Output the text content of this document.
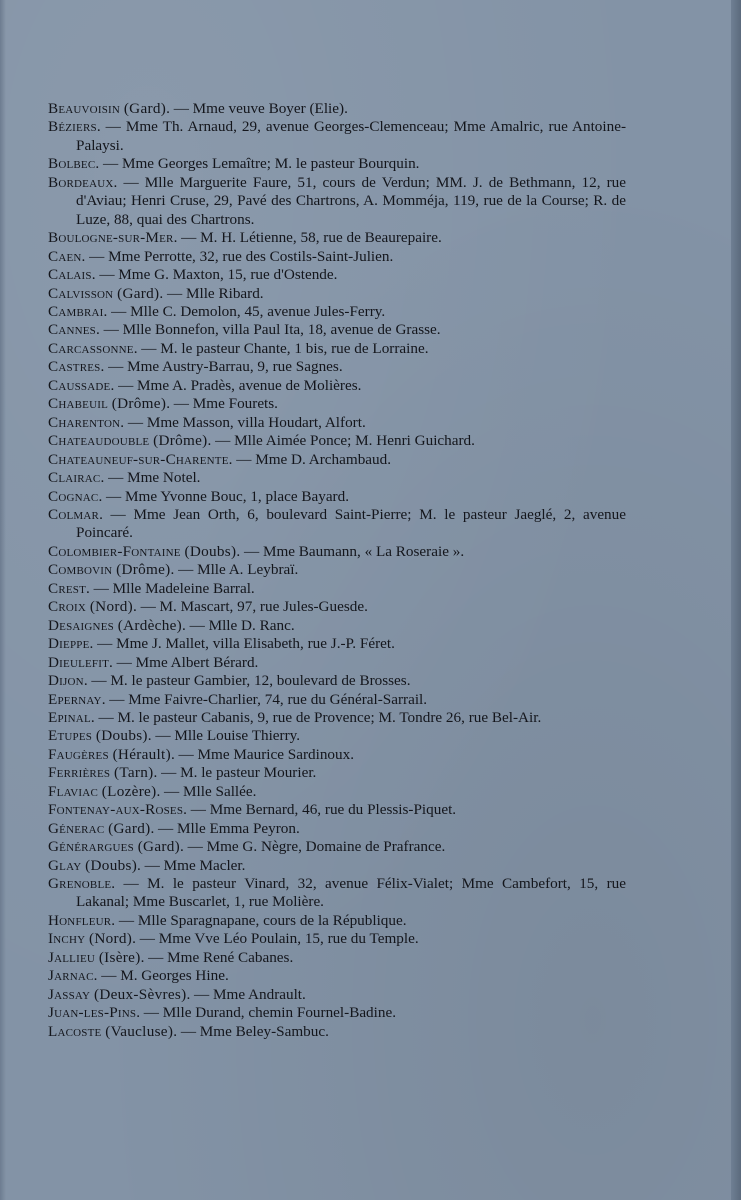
Beauvoisin (Gard). — Mme veuve Boyer (Elie).
Béziers. — Mme Th. Arnaud, 29, avenue Georges-Clemenceau; Mme Amalric, rue Antoine-Palaysi.
Bolbec. — Mme Georges Lemaître; M. le pasteur Bourquin.
Bordeaux. — Mlle Marguerite Faure, 51, cours de Verdun; MM. J. de Bethmann, 12, rue d'Aviau; Henri Cruse, 29, Pavé des Chartrons, A. Momméja, 119, rue de la Course; R. de Luze, 88, quai des Chartrons.
Boulogne-sur-Mer. — M. H. Létienne, 58, rue de Beaurepaire.
Caen. — Mme Perrotte, 32, rue des Costils-Saint-Julien.
Calais. — Mme G. Maxton, 15, rue d'Ostende.
Calvisson (Gard). — Mlle Ribard.
Cambrai. — Mlle C. Demolon, 45, avenue Jules-Ferry.
Cannes. — Mlle Bonnefon, villa Paul Ita, 18, avenue de Grasse.
Carcassonne. — M. le pasteur Chante, 1 bis, rue de Lorraine.
Castres. — Mme Austry-Barrau, 9, rue Sagnes.
Caussade. — Mme A. Pradès, avenue de Molières.
Chabeuil (Drôme). — Mme Fourets.
Charenton. — Mme Masson, villa Houdart, Alfort.
Chateaudouble (Drôme). — Mlle Aimée Ponce; M. Henri Guichard.
Chateauneuf-sur-Charente. — Mme D. Archambaud.
Clairac. — Mme Notel.
Cognac. — Mme Yvonne Bouc, 1, place Bayard.
Colmar. — Mme Jean Orth, 6, boulevard Saint-Pierre; M. le pasteur Jaeglé, 2, avenue Poincaré.
Colombier-Fontaine (Doubs). — Mme Baumann, « La Roseraie ».
Combovin (Drôme). — Mlle A. Leybraï.
Crest. — Mlle Madeleine Barral.
Croix (Nord). — M. Mascart, 97, rue Jules-Guesde.
Desaignes (Ardèche). — Mlle D. Ranc.
Dieppe. — Mme J. Mallet, villa Elisabeth, rue J.-P. Féret.
Dieulefit. — Mme Albert Bérard.
Dijon. — M. le pasteur Gambier, 12, boulevard de Brosses.
Epernay. — Mme Faivre-Charlier, 74, rue du Général-Sarrail.
Epinal. — M. le pasteur Cabanis, 9, rue de Provence; M. Tondre 26, rue Bel-Air.
Etupes (Doubs). — Mlle Louise Thierry.
Faugères (Hérault). — Mme Maurice Sardinoux.
Ferrières (Tarn). — M. le pasteur Mourier.
Flaviac (Lozère). — Mlle Sallée.
Fontenay-aux-Roses. — Mme Bernard, 46, rue du Plessis-Piquet.
Génerac (Gard). — Mlle Emma Peyron.
Générargues (Gard). — Mme G. Nègre, Domaine de Prafrance.
Glay (Doubs). — Mme Macler.
Grenoble. — M. le pasteur Vinard, 32, avenue Félix-Vialet; Mme Cambefort, 15, rue Lakanal; Mme Buscarlet, 1, rue Molière.
Honfleur. — Mlle Sparagnapane, cours de la République.
Inchy (Nord). — Mme Vve Léo Poulain, 15, rue du Temple.
Jallieu (Isère). — Mme René Cabanes.
Jarnac. — M. Georges Hine.
Jassay (Deux-Sèvres). — Mme Andrault.
Juan-les-Pins. — Mlle Durand, chemin Fournel-Badine.
Lacoste (Vaucluse). — Mme Beley-Sambuc.
